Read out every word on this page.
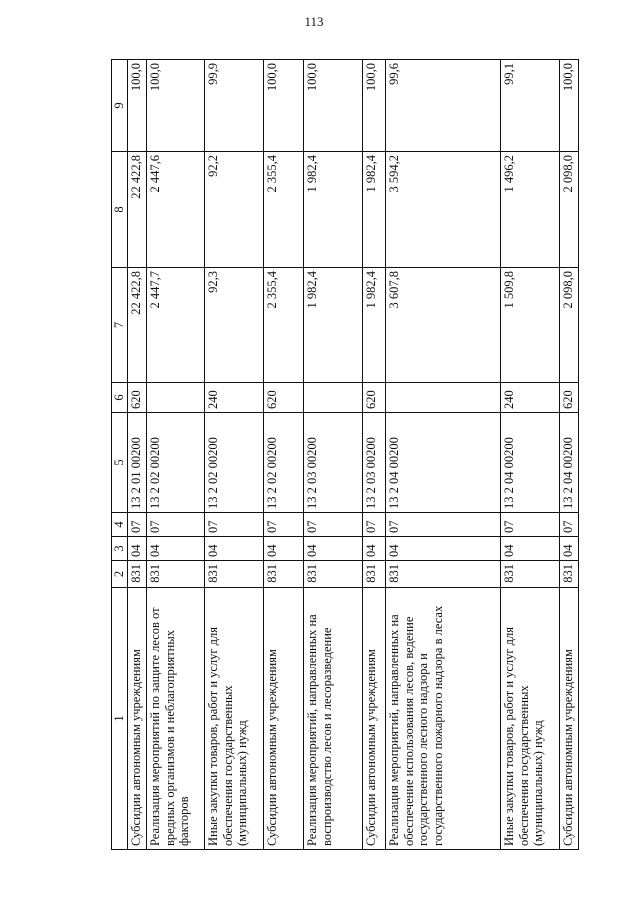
113
1	2	3	4	5	6	7	8	9
Субсидии автономным учреждениям	831	04	07	13 2 01 00200	620	22 422,8	22 422,8	100,0
Реализация мероприятий по защите лесов от вредных организмов и неблагоприятных факторов	831	04	07	13 2 02 00200		2 447,7	2 447,6	100,0
Иные закупки товаров, работ и услуг для обеспечения государственных (муниципальных) нужд	831	04	07	13 2 02 00200	240	92,3	92,2	99,9
Субсидии автономным учреждениям	831	04	07	13 2 02 00200	620	2 355,4	2 355,4	100,0
Реализация мероприятий, направленных на воспроизводство лесов и лесоразведение	831	04	07	13 2 03 00200		1 982,4	1 982,4	100,0
Субсидии автономным учреждениям	831	04	07	13 2 03 00200	620	1 982,4	1 982,4	100,0
Реализация мероприятий, направленных на обеспечение использования лесов, ведение государственного лесного надзора и государственного пожарного надзора в лесах	831	04	07	13 2 04 00200		3 607,8	3 594,2	99,6
Иные закупки товаров, работ и услуг для обеспечения государственных (муниципальных) нужд	831	04	07	13 2 04 00200	240	1 509,8	1 496,2	99,1
Субсидии автономным учреждениям	831	04	07	13 2 04 00200	620	2 098,0	2 098,0	100,0
